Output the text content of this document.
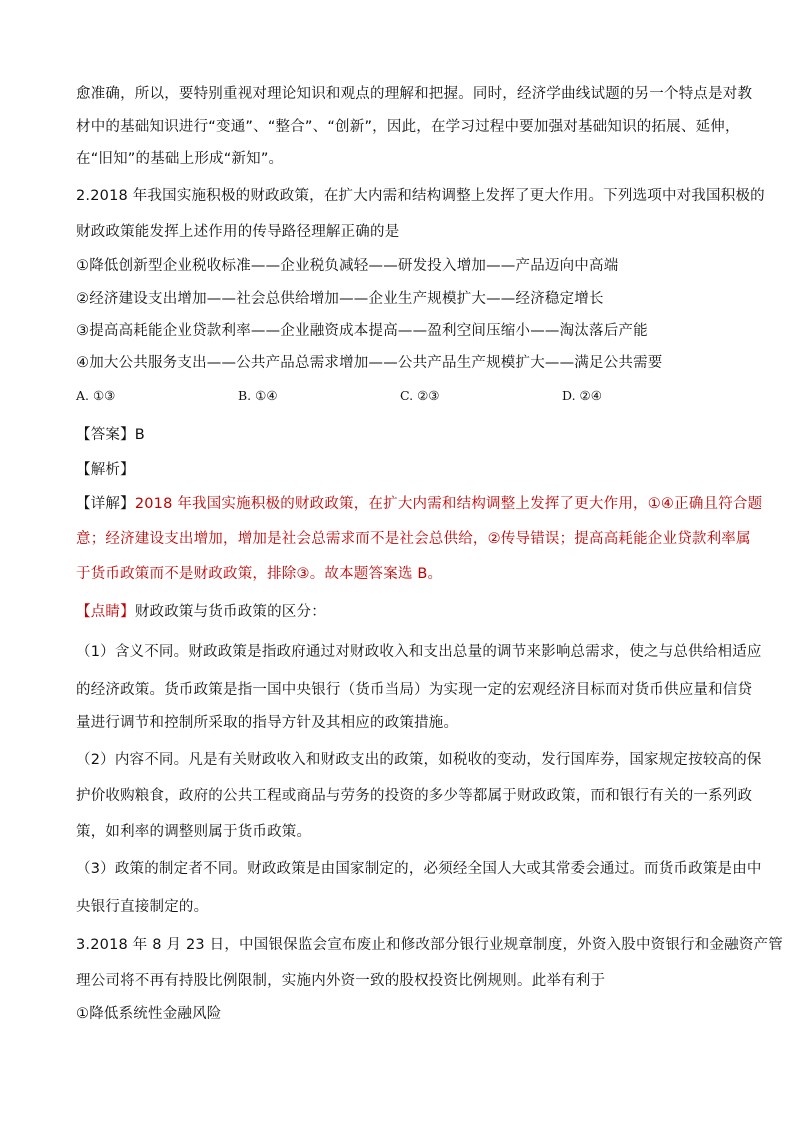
愈准确，所以，要特别重视对理论知识和观点的理解和把握。同时，经济学曲线试题的另一个特点是对教
材中的基础知识进行“变通”、“整合”、“创新”，因此，在学习过程中要加强对基础知识的拓展、延伸，
在“旧知”的基础上形成“新知”。
2.2018 年我国实施积极的财政政策，在扩大内需和结构调整上发挥了更大作用。下列选项中对我国积极的
财政政策能发挥上述作用的传导路径理解正确的是
①降低创新型企业税收标准——企业税负减轻——研发投入增加——产品迈向中高端
②经济建设支出增加——社会总供给增加——企业生产规模扩大——经济稳定增长
③提高高耗能企业贷款利率——企业融资成本提高——盈利空间压缩小——淘汰落后产能
④加大公共服务支出——公共产品总需求增加——公共产品生产规模扩大——满足公共需要
A. ①③	B. ①④	C. ②③	D. ②④
【答案】B
【解析】
【详解】2018 年我国实施积极的财政政策，在扩大内需和结构调整上发挥了更大作用，①④正确且符合题
意；经济建设支出增加，增加是社会总需求而不是社会总供给，②传导错误；提高高耗能企业贷款利率属
于货币政策而不是财政政策，排除③。故本题答案选 B。
【点睛】财政政策与货币政策的区分：
（1）含义不同。财政政策是指政府通过对财政收入和支出总量的调节来影响总需求，使之与总供给相适应
的经济政策。货币政策是指一国中央银行（货币当局）为实现一定的宏观经济目标而对货币供应量和信贷
量进行调节和控制所采取的指导方针及其相应的政策措施。
（2）内容不同。凡是有关财政收入和财政支出的政策，如税收的变动，发行国库券，国家规定按较高的保
护价收购粮食，政府的公共工程或商品与劳务的投资的多少等都属于财政政策，而和银行有关的一系列政
策，如利率的调整则属于货币政策。
（3）政策的制定者不同。财政政策是由国家制定的，必须经全国人大或其常委会通过。而货币政策是由中
央银行直接制定的。
3.2018 年 8 月 23 日，中国银保监会宣布废止和修改部分银行业规章制度，外资入股中资银行和金融资产管
理公司将不再有持股比例限制，实施内外资一致的股权投资比例规则。此举有利于
①降低系统性金融风险
